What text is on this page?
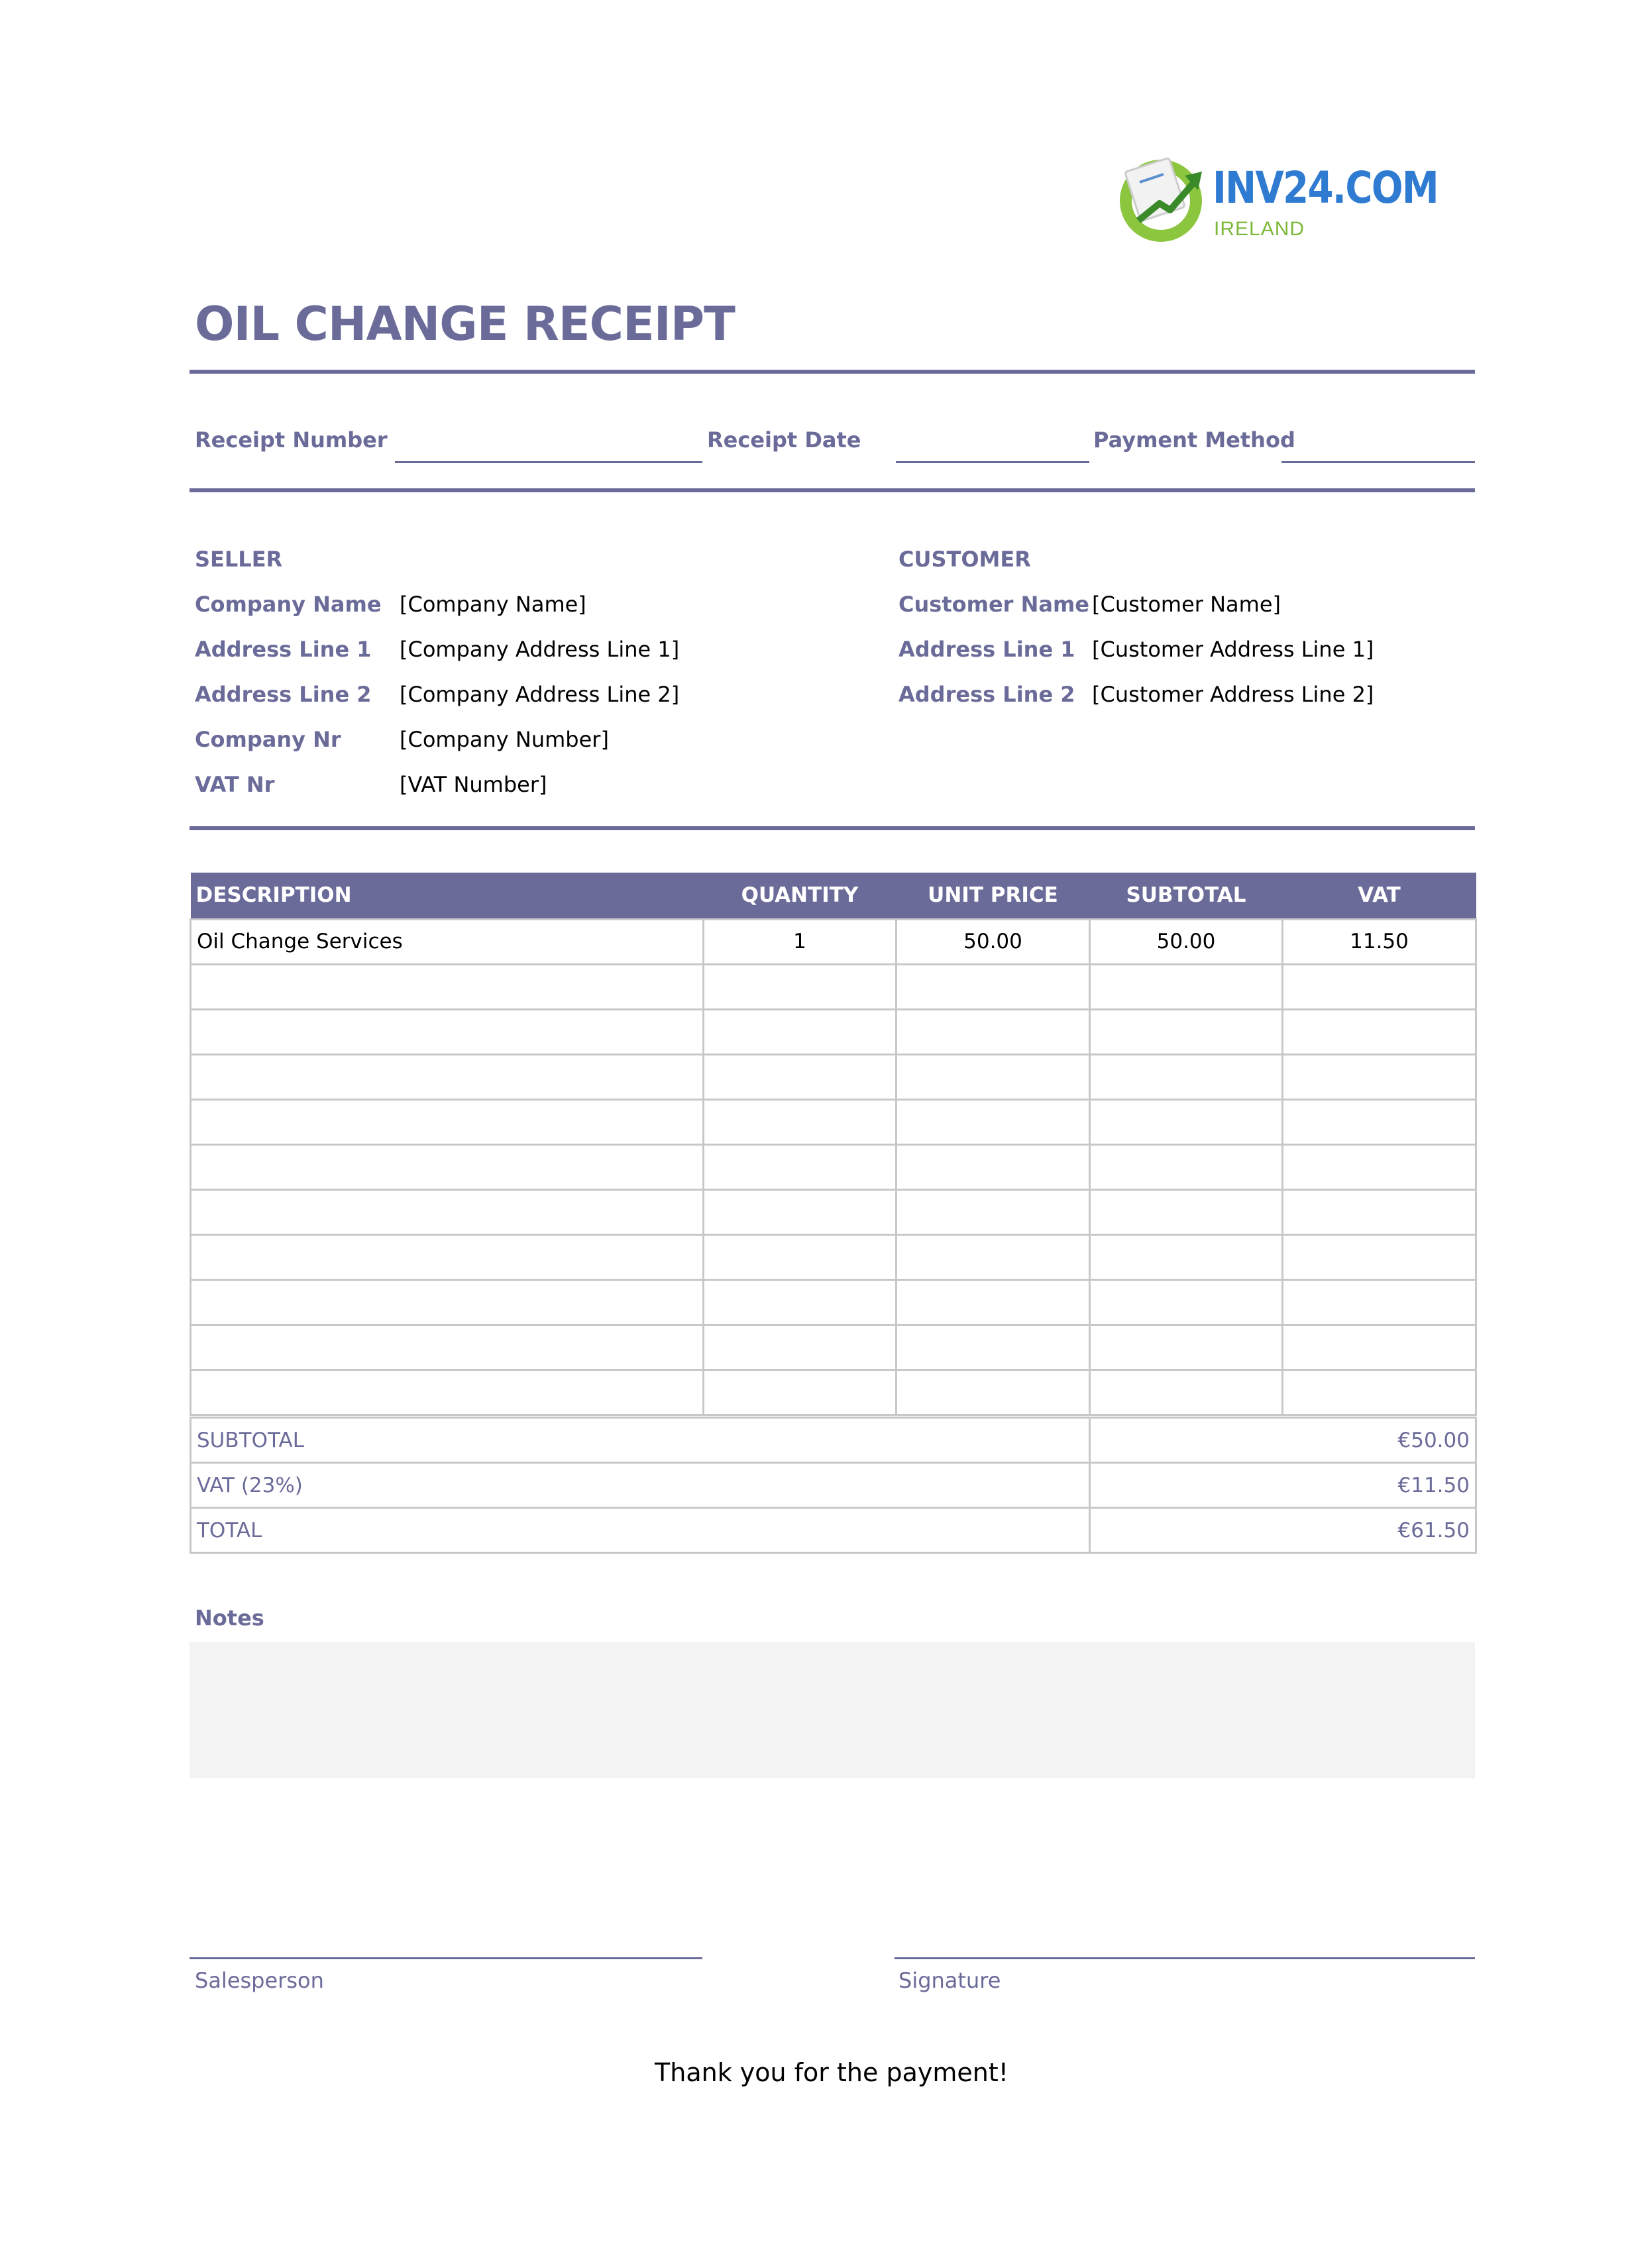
INV24.COM
IRELAND
OIL CHANGE RECEIPT
Receipt Number	Receipt Date	Payment Method
SELLER
Company Name [Company Name]
Address Line 1 [Company Address Line 1]
Address Line 2 [Company Address Line 2]
Company Nr	[Company Number]
VAT Nr	[VAT Number]
CUSTOMER
Customer Name [Customer Name]
Address Line 1 [Customer Address Line 1]
Address Line 2 [Customer Address Line 2]
DESCRIPTION	QUANTITY	UNIT PRICE	SUBTOTAL	VAT
Oil Change Services	1	50.00	50.00	11.50

SUBTOTAL	€50.00
VAT (23%)	€11.50
TOTAL	€61.50
Notes
Salesperson	Signature
Thank you for the payment!
